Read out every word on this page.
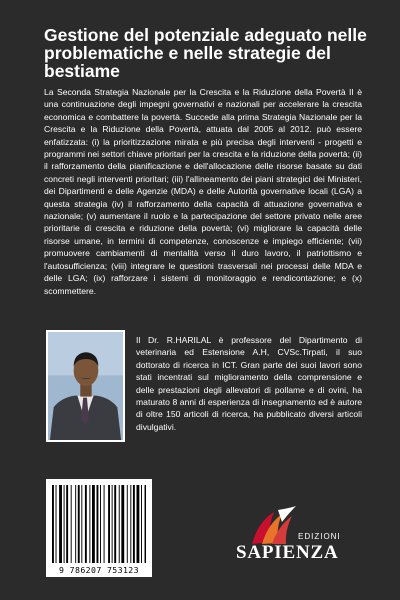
Gestione del potenziale adeguato nelle problematiche e nelle strategie del bestiame

La Seconda Strategia Nazionale per la Crescita e la Riduzione della Povertà II è una continuazione degli impegni governativi e nazionali per accelerare la crescita economica e combattere la povertà. Succede alla prima Strategia Nazionale per la Crescita e la Riduzione della Povertà, attuata dal 2005 al 2012. può essere enfatizzata: (i) la prioritizzazione mirata e più precisa degli interventi - progetti e programmi nei settori chiave prioritari per la crescita e la riduzione della povertà; (ii) il rafforzamento della pianificazione e dell'allocazione delle risorse basate su dati concreti negli interventi prioritari; (iii) l'allineamento dei piani strategici dei Ministeri, dei Dipartimenti e delle Agenzie (MDA) e delle Autorità governative locali (LGA) a questa strategia (iv) il rafforzamento della capacità di attuazione governativa e nazionale; (v) aumentare il ruolo e la partecipazione del settore privato nelle aree prioritarie di crescita e riduzione della povertà; (vi) migliorare la capacità delle risorse umane, in termini di competenze, conoscenze e impiego efficiente; (vii) promuovere cambiamenti di mentalità verso il duro lavoro, il patriottismo e l'autosufficienza; (viii) integrare le questioni trasversali nei processi delle MDA e delle LGA; (ix) rafforzare i sistemi di monitoraggio e rendicontazione; e (x) scommettere.

Il Dr. R.HARILAL è professore del Dipartimento di veterinaria ed Estensione A.H, CVSc.Tirpati, il suo dottorato di ricerca in ICT. Gran parte dei suoi lavori sono stati incentrati sul miglioramento della comprensione e delle prestazioni degli allevatori di pollame e di ovini, ha maturato 8 anni di esperienza di insegnamento ed è autore di oltre 150 articoli di ricerca, ha pubblicato diversi articoli divulgativi.

9 786207 753123
EDIZIONI
SAPIENZA
